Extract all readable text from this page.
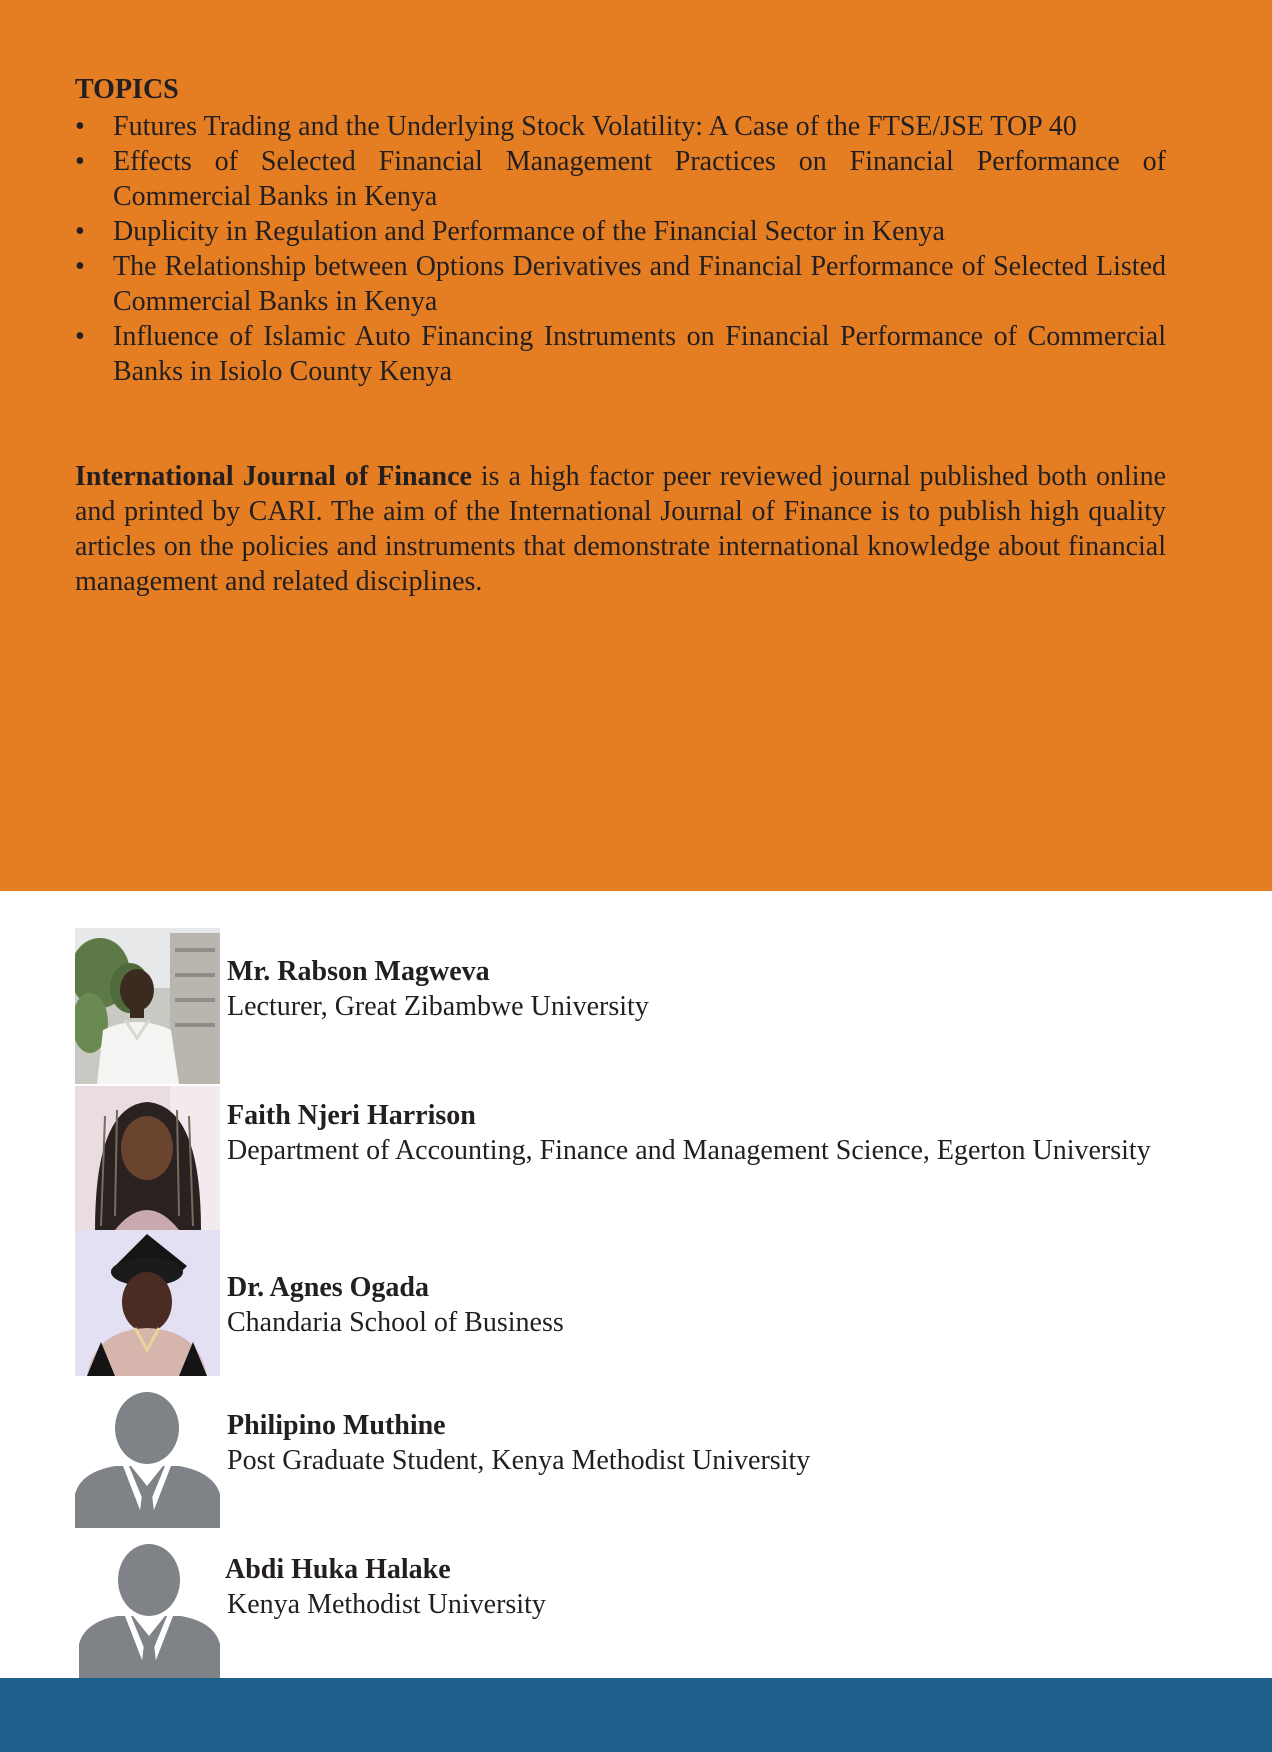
TOPICS
• Futures Trading and the Underlying Stock Volatility: A Case of the FTSE/JSE TOP 40
• Effects of Selected Financial Management Practices on Financial Performance of Commercial Banks in Kenya
• Duplicity in Regulation and Performance of the Financial Sector in Kenya
• The Relationship between Options Derivatives and Financial Performance of Selected Listed Commercial Banks in Kenya
• Influence of Islamic Auto Financing Instruments on Financial Performance of Commercial Banks in Isiolo County Kenya

International Journal of Finance is a high factor peer reviewed journal published both online and printed by CARI. The aim of the International Journal of Finance is to publish high quality articles on the policies and instruments that demonstrate international knowledge about financial management and related disciplines.

Mr. Rabson Magweva

Lecturer, Great Zibambwe University

Faith Njeri Harrison

Department of Accounting, Finance and Management Science, Egerton University

Dr. Agnes Ogada

Chandaria School of Business

Philipino Muthine

Post Graduate Student, Kenya Methodist University

Abdi Huka Halake

Kenya Methodist University
